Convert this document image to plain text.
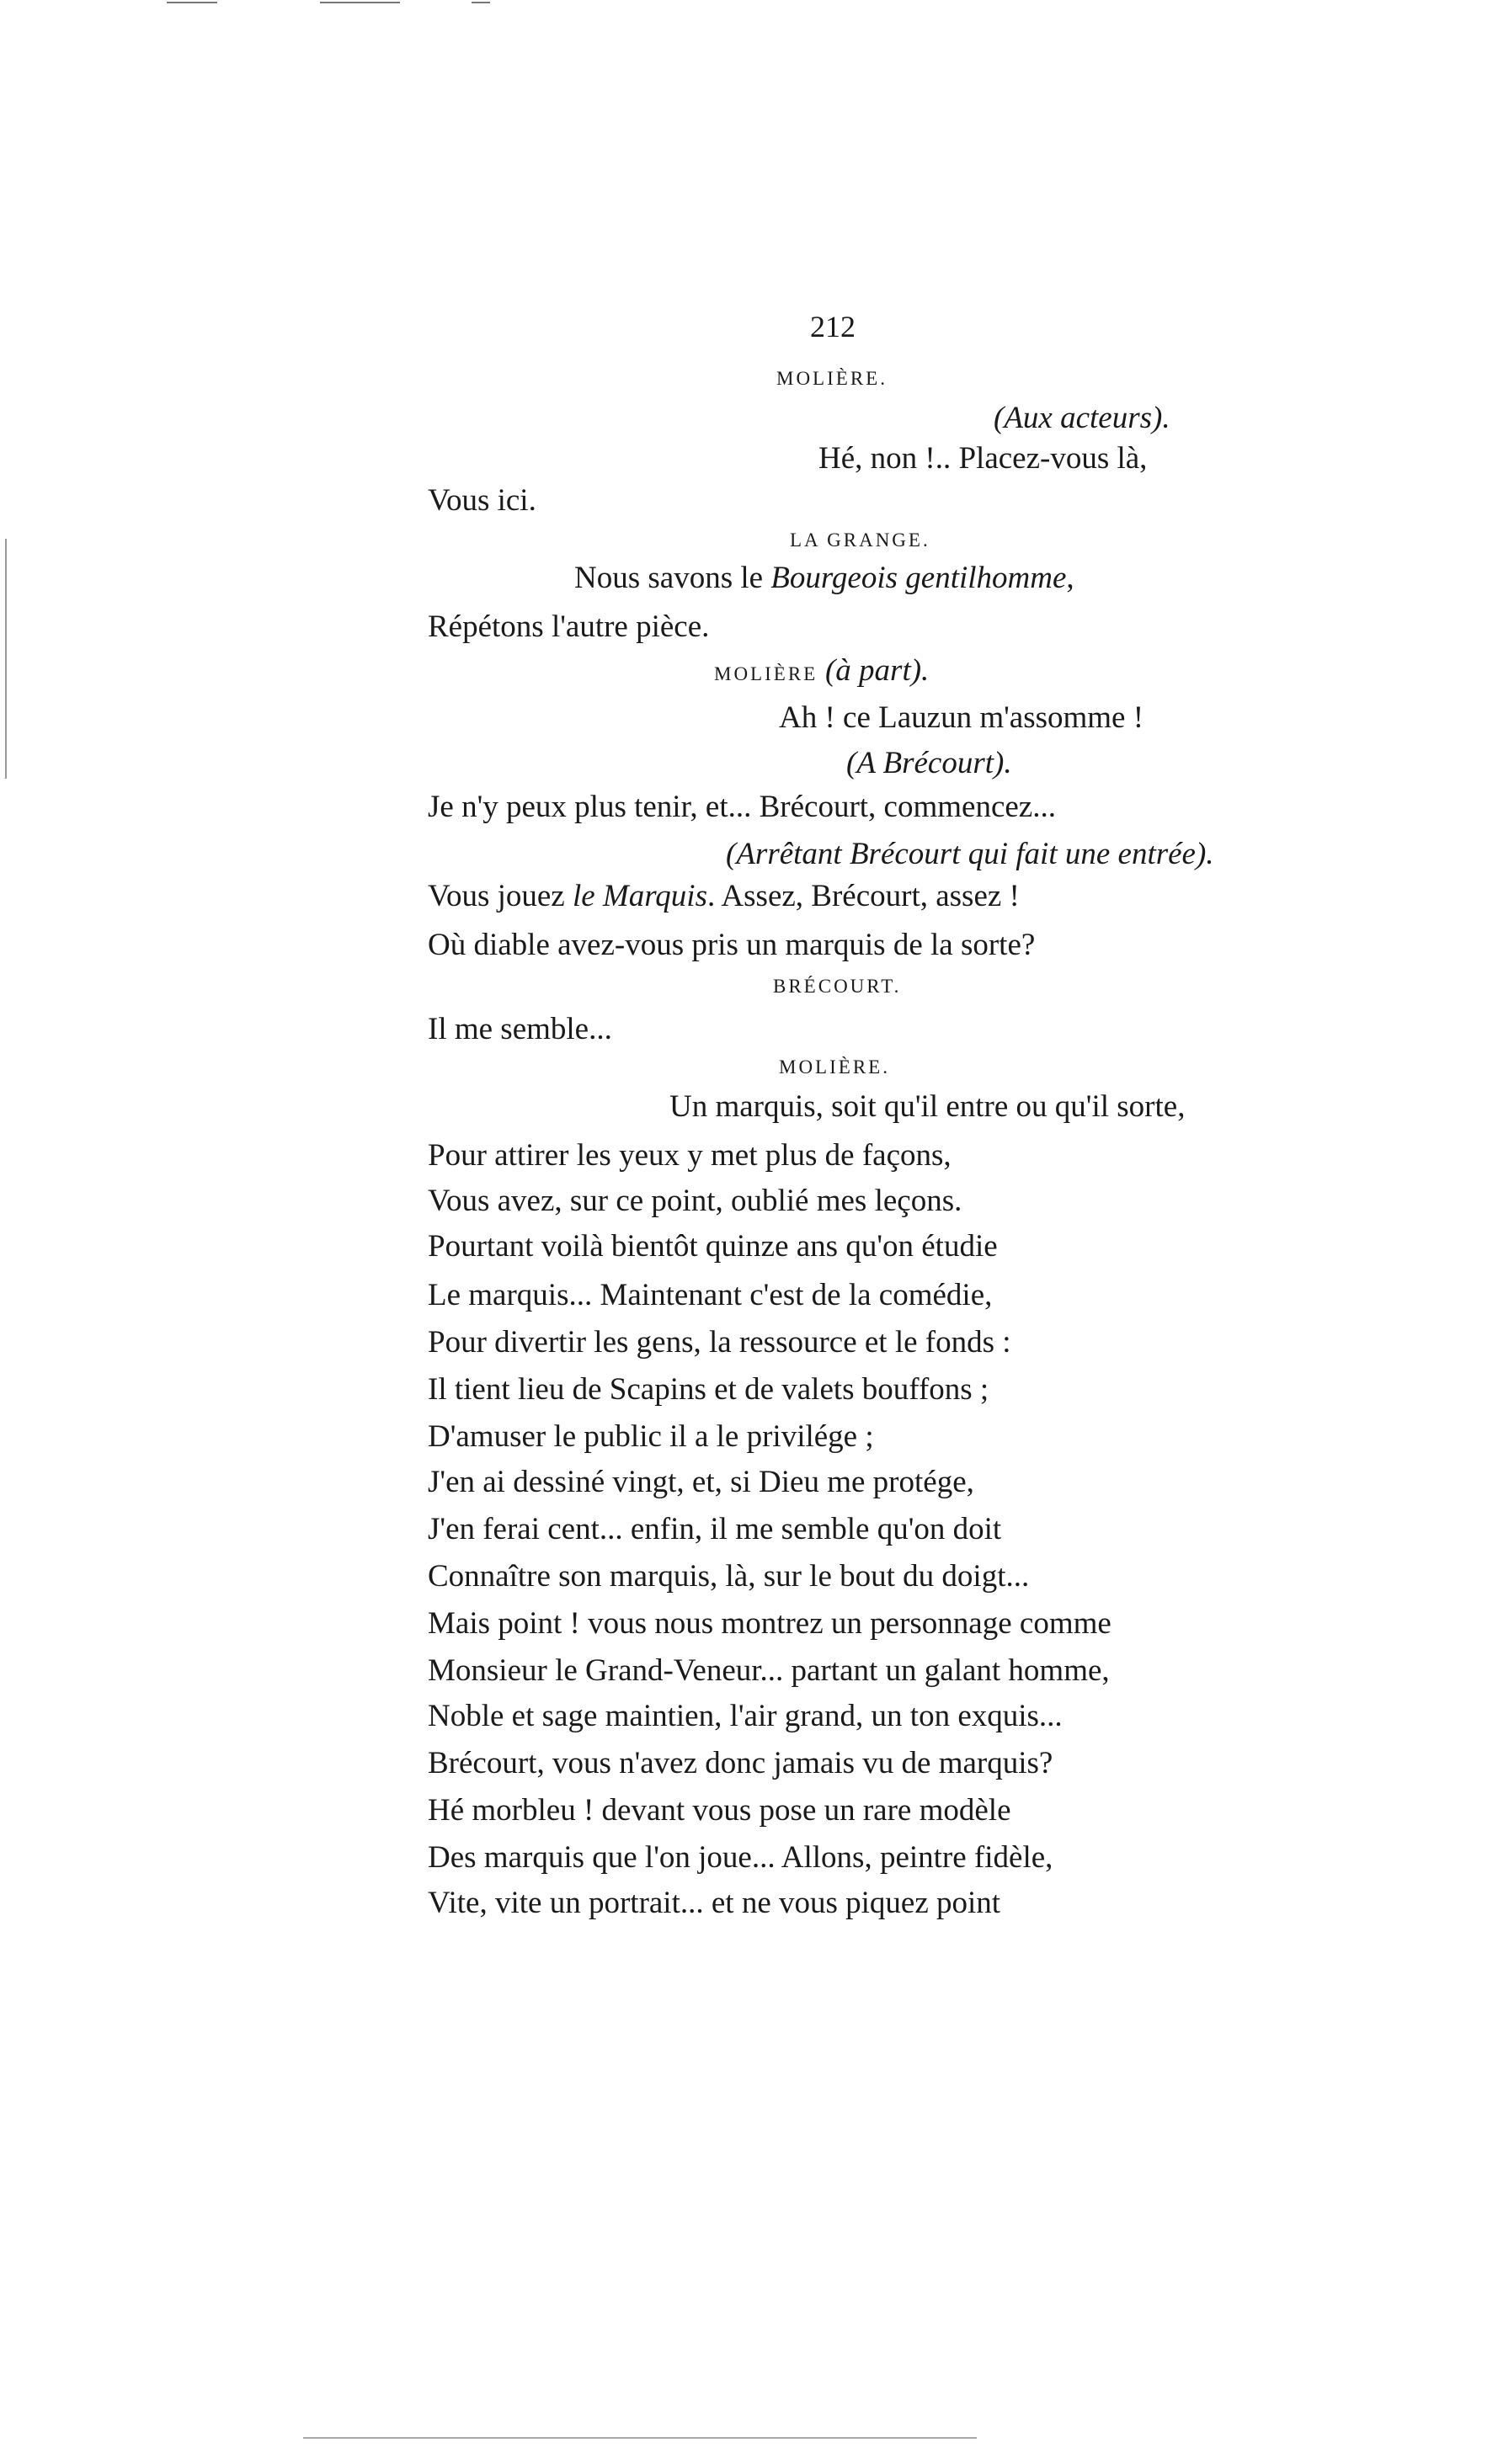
212
MOLIÈRE.
(Aux acteurs).
Hé, non !.. Placez-vous là,
Vous ici.
LA GRANGE.
Nous savons le Bourgeois gentilhomme,
Répétons l'autre pièce.
MOLIÈRE (à part).
Ah ! ce Lauzun m'assomme !
(A Brécourt).
Je n'y peux plus tenir, et... Brécourt, commencez...
(Arrêtant Brécourt qui fait une entrée).
Vous jouez le Marquis. Assez, Brécourt, assez !
Où diable avez-vous pris un marquis de la sorte?
BRÉCOURT.
Il me semble...
MOLIÈRE.
Un marquis, soit qu'il entre ou qu'il sorte,
Pour attirer les yeux y met plus de façons,
Vous avez, sur ce point, oublié mes leçons.
Pourtant voilà bientôt quinze ans qu'on étudie
Le marquis... Maintenant c'est de la comédie,
Pour divertir les gens, la ressource et le fonds :
Il tient lieu de Scapins et de valets bouffons ;
D'amuser le public il a le privilége ;
J'en ai dessiné vingt, et, si Dieu me protége,
J'en ferai cent... enfin, il me semble qu'on doit
Connaître son marquis, là, sur le bout du doigt...
Mais point ! vous nous montrez un personnage comme
Monsieur le Grand-Veneur... partant un galant homme,
Noble et sage maintien, l'air grand, un ton exquis...
Brécourt, vous n'avez donc jamais vu de marquis?
Hé morbleu ! devant vous pose un rare modèle
Des marquis que l'on joue... Allons, peintre fidèle,
Vite, vite un portrait... et ne vous piquez point
